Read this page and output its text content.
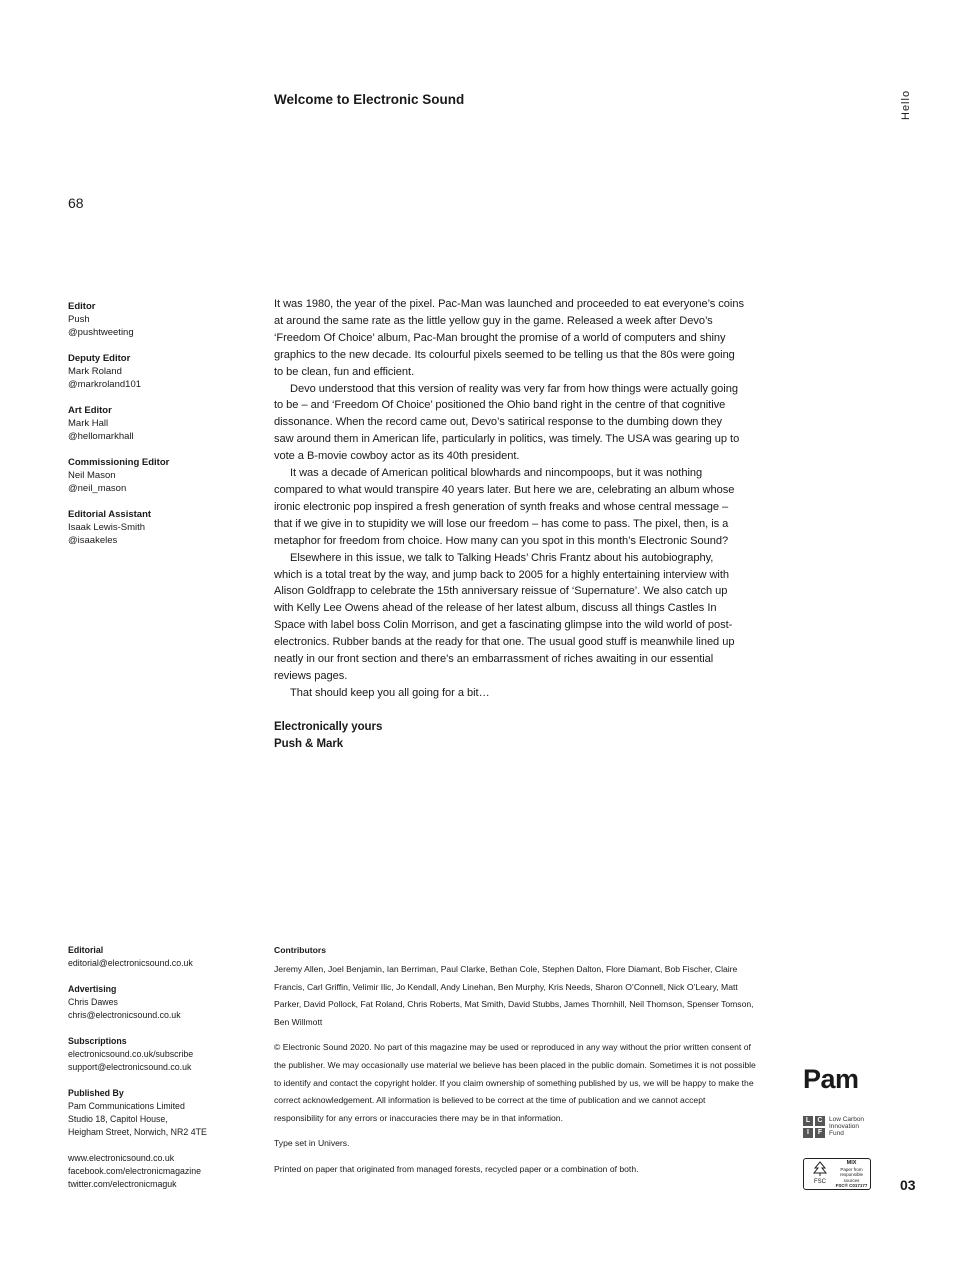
Welcome to Electronic Sound	Hello
68
Editor
Push
@pushtweeting
Deputy Editor
Mark Roland
@markroland101
Art Editor
Mark Hall
@hellomarkhall
Commissioning Editor
Neil Mason
@neil_mason
Editorial Assistant
Isaak Lewis-Smith
@isaakeles

It was 1980, the year of the pixel. Pac-Man was launched and proceeded to eat everyone’s coins at around the same rate as the little yellow guy in the game. Released a week after Devo’s ‘Freedom Of Choice’ album, Pac-Man brought the promise of a world of computers and shiny graphics to the new decade. Its colourful pixels seemed to be telling us that the 80s were going to be clean, fun and efficient.

Devo understood that this version of reality was very far from how things were actually going to be – and ‘Freedom Of Choice’ positioned the Ohio band right in the centre of that cognitive dissonance. When the record came out, Devo’s satirical response to the dumbing down they saw around them in American life, particularly in politics, was timely. The USA was gearing up to vote a B-movie cowboy actor as its 40th president.

It was a decade of American political blowhards and nincompoops, but it was nothing compared to what would transpire 40 years later. But here we are, celebrating an album whose ironic electronic pop inspired a fresh generation of synth freaks and whose central message – that if we give in to stupidity we will lose our freedom – has come to pass. The pixel, then, is a metaphor for freedom from choice. How many can you spot in this month’s Electronic Sound?

Elsewhere in this issue, we talk to Talking Heads’ Chris Frantz about his autobiography, which is a total treat by the way, and jump back to 2005 for a highly entertaining interview with Alison Goldfrapp to celebrate the 15th anniversary reissue of ‘Supernature’. We also catch up with Kelly Lee Owens ahead of the release of her latest album, discuss all things Castles In Space with label boss Colin Morrison, and get a fascinating glimpse into the wild world of post-electronics. Rubber bands at the ready for that one. The usual good stuff is meanwhile lined up neatly in our front section and there’s an embarrassment of riches awaiting in our essential reviews pages.

That should keep you all going for a bit…

Electronically yours
Push & Mark
Editorial
editorial@electronicsound.co.uk
Advertising
Chris Dawes
chris@electronicsound.co.uk
Subscriptions
electronicsound.co.uk/subscribe
support@electronicsound.co.uk
Published By
Pam Communications Limited
Studio 18, Capitol House,
Heigham Street, Norwich, NR2 4TE
www.electronicsound.co.uk
facebook.com/electronicmagazine
twitter.com/electronicmaguk
Contributors
Jeremy Allen, Joel Benjamin, Ian Berriman, Paul Clarke, Bethan Cole, Stephen Dalton, Flore Diamant, Bob Fischer, Claire Francis, Carl Griffin, Velimir Ilic, Jo Kendall, Andy Linehan, Ben Murphy, Kris Needs, Sharon O’Connell, Nick O’Leary, Matt Parker, David Pollock, Fat Roland, Chris Roberts, Mat Smith, David Stubbs, James Thornhill, Neil Thomson, Spenser Tomson, Ben Willmott
© Electronic Sound 2020. No part of this magazine may be used or reproduced in any way without the prior written consent of the publisher. We may occasionally use material we believe has been placed in the public domain. Sometimes it is not possible to identify and contact the copyright holder. If you claim ownership of something published by us, we will be happy to make the correct acknowledgement. All information is believed to be correct at the time of publication and we cannot accept responsibility for any errors or inaccuracies there may be in that information.
Type set in Univers.
Printed on paper that originated from managed forests, recycled paper or a combination of both.
Pam
L	C
I	F
Low Carbon
Innovation
Fund
FSC
MIX
Paper from
responsible sources
FSC® C017177 03
